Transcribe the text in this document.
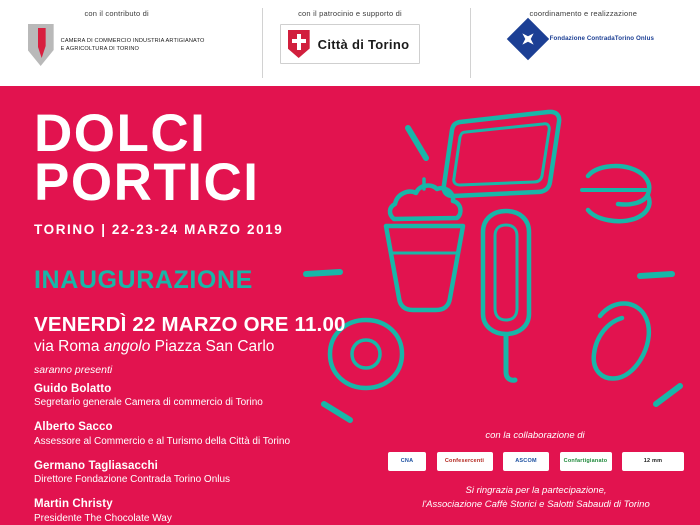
con il contributo di
CAMERA DI COMMERCIO INDUSTRIA ARTIGIANATO E AGRICOLTURA DI TORINO
con il patrocinio e supporto di
Città di Torino
coordinamento e realizzazione
Fondazione ContradaTorino Onlus
DOLCI
PORTICI
TORINO | 22-23-24 MARZO 2019
INAUGURAZIONE
VENERDÌ 22 MARZO ORE 11.00
via Roma angolo Piazza San Carlo
saranno presenti
Guido Bolatto
Segretario generale Camera di commercio di Torino
Alberto Sacco
Assessore al Commercio e al Turismo della Città di Torino
Germano Tagliasacchi
Direttore Fondazione Contrada Torino Onlus
Martin Christy
Presidente The Chocolate Way
con la collaborazione di
CNA	Confesercenti	ASCOM	Confartigianato	12 mm
Si ringrazia per la partecipazione,
l'Associazione Caffè Storici e Salotti Sabaudi di Torino
